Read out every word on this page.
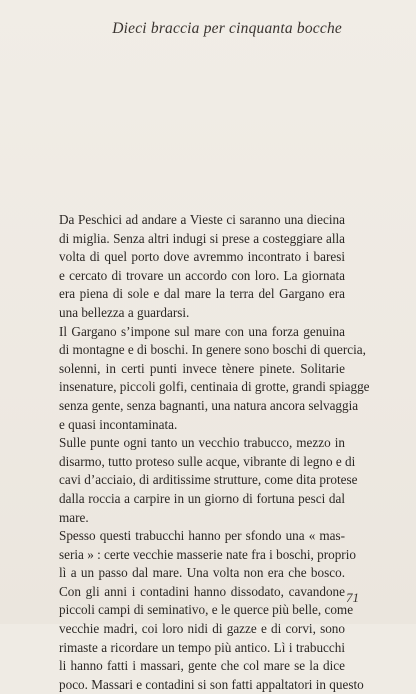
Dieci braccia per cinquanta bocche
Da Peschici ad andare a Vieste ci saranno una diecina
di miglia. Senza altri indugi si prese a costeggiare alla
volta di quel porto dove avremmo incontrato i baresi
e cercato di trovare un accordo con loro. La giornata
era piena di sole e dal mare la terra del Gargano era
una bellezza a guardarsi.
Il Gargano s’impone sul mare con una forza genuina
di montagne e di boschi. In genere sono boschi di quercia,
solenni, in certi punti invece tènere pinete. Solitarie
insenature, piccoli golfi, centinaia di grotte, grandi spiagge
senza gente, senza bagnanti, una natura ancora selvaggia
e quasi incontaminata.
Sulle punte ogni tanto un vecchio trabucco, mezzo in
disarmo, tutto proteso sulle acque, vibrante di legno e di
cavi d’acciaio, di arditissime strutture, come dita protese
dalla roccia a carpire in un giorno di fortuna pesci dal
mare.
Spesso questi trabucchi hanno per sfondo una « mas-
seria » : certe vecchie masserie nate fra i boschi, proprio
lì a un passo dal mare. Una volta non era che bosco.
Con gli anni i contadini hanno dissodato, cavandone
piccoli campi di seminativo, e le querce più belle, come
vecchie madri, coi loro nidi di gazze e di corvi, sono
rimaste a ricordare un tempo più antico. Lì i trabucchi
li hanno fatti i massari, gente che col mare se la dice
poco. Massari e contadini si son fatti appaltatori in questo
71
